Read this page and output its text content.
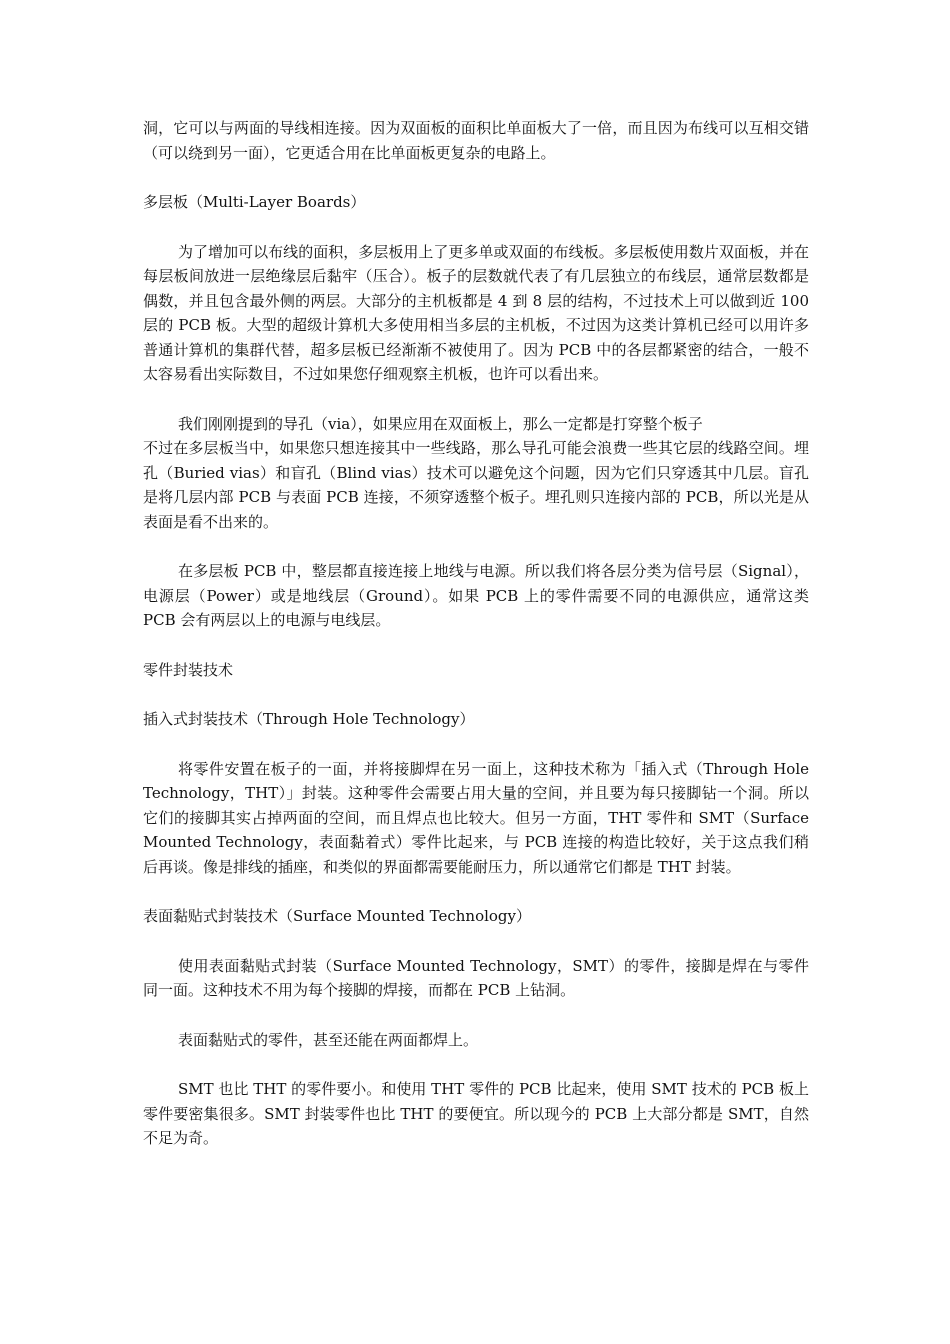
洞，它可以与两面的导线相连接。因为双面板的面积比单面板大了一倍，而且因为布线可以互相交错（可以绕到另一面），它更适合用在比单面板更复杂的电路上。

多层板（Multi-Layer Boards）

为了增加可以布线的面积，多层板用上了更多单或双面的布线板。多层板使用数片双面板，并在每层板间放进一层绝缘层后黏牢（压合）。板子的层数就代表了有几层独立的布线层，通常层数都是偶数，并且包含最外侧的两层。大部分的主机板都是 4 到 8 层的结构，不过技术上可以做到近 100 层的 PCB 板。大型的超级计算机大多使用相当多层的主机板，不过因为这类计算机已经可以用许多普通计算机的集群代替，超多层板已经渐渐不被使用了。因为 PCB 中的各层都紧密的结合，一般不太容易看出实际数目，不过如果您仔细观察主机板，也许可以看出来。

我们刚刚提到的导孔（via），如果应用在双面板上，那么一定都是打穿整个板子

不过在多层板当中，如果您只想连接其中一些线路，那么导孔可能会浪费一些其它层的线路空间。埋孔（Buried vias）和盲孔（Blind vias）技术可以避免这个问题，因为它们只穿透其中几层。盲孔是将几层内部 PCB 与表面 PCB 连接，不须穿透整个板子。埋孔则只连接内部的 PCB，所以光是从表面是看不出来的。

在多层板 PCB 中，整层都直接连接上地线与电源。所以我们将各层分类为信号层（Signal），电源层（Power）或是地线层（Ground）。如果 PCB 上的零件需要不同的电源供应，通常这类 PCB 会有两层以上的电源与电线层。

零件封装技术

插入式封装技术（Through Hole Technology）

将零件安置在板子的一面，并将接脚焊在另一面上，这种技术称为「插入式（Through Hole Technology，THT）」封装。这种零件会需要占用大量的空间，并且要为每只接脚钻一个洞。所以它们的接脚其实占掉两面的空间，而且焊点也比较大。但另一方面，THT 零件和 SMT（Surface Mounted Technology，表面黏着式）零件比起来，与 PCB 连接的构造比较好，关于这点我们稍后再谈。像是排线的插座，和类似的界面都需要能耐压力，所以通常它们都是 THT 封装。

表面黏贴式封装技术（Surface Mounted Technology）

使用表面黏贴式封装（Surface Mounted Technology，SMT）的零件，接脚是焊在与零件同一面。这种技术不用为每个接脚的焊接，而都在 PCB 上钻洞。

表面黏贴式的零件，甚至还能在两面都焊上。

SMT 也比 THT 的零件要小。和使用 THT 零件的 PCB 比起来，使用 SMT 技术的 PCB 板上零件要密集很多。SMT 封装零件也比 THT 的要便宜。所以现今的 PCB 上大部分都是 SMT，自然不足为奇。
